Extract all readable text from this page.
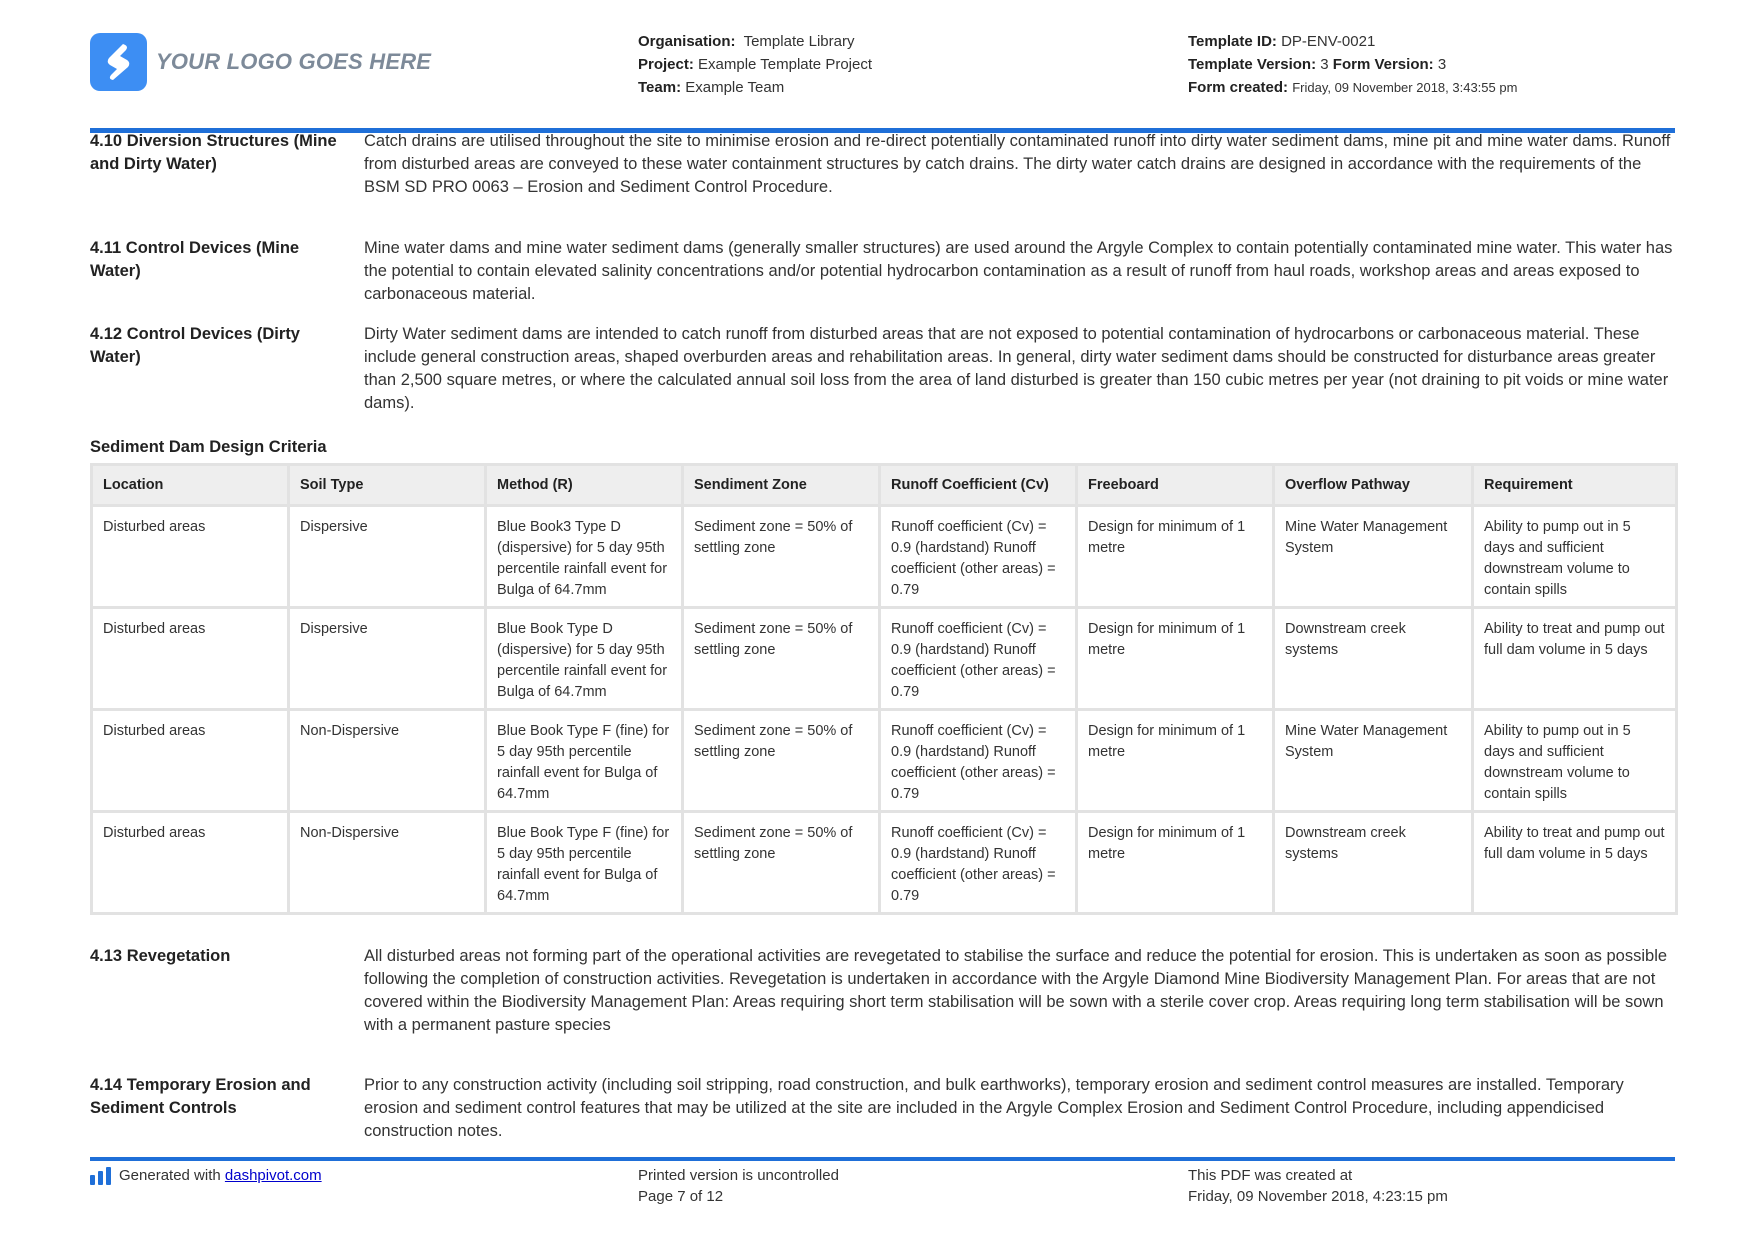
YOUR LOGO GOES HERE
Organisation: Template Library
Project: Example Template Project
Team: Example Team
Template ID: DP-ENV-0021
Template Version: 3 Form Version: 3
Form created: Friday, 09 November 2018, 3:43:55 pm
4.10 Diversion Structures (Mine and Dirty Water)
Catch drains are utilised throughout the site to minimise erosion and re-direct potentially contaminated runoff into dirty water sediment dams, mine pit and mine water dams. Runoff from disturbed areas are conveyed to these water containment structures by catch drains. The dirty water catch drains are designed in accordance with the requirements of the BSM SD PRO 0063 – Erosion and Sediment Control Procedure.
4.11 Control Devices (Mine Water)
Mine water dams and mine water sediment dams (generally smaller structures) are used around the Argyle Complex to contain potentially contaminated mine water. This water has the potential to contain elevated salinity concentrations and/or potential hydrocarbon contamination as a result of runoff from haul roads, workshop areas and areas exposed to carbonaceous material.
4.12 Control Devices (Dirty Water)
Dirty Water sediment dams are intended to catch runoff from disturbed areas that are not exposed to potential contamination of hydrocarbons or carbonaceous material. These include general construction areas, shaped overburden areas and rehabilitation areas. In general, dirty water sediment dams should be constructed for disturbance areas greater than 2,500 square metres, or where the calculated annual soil loss from the area of land disturbed is greater than 150 cubic metres per year (not draining to pit voids or mine water dams).
Sediment Dam Design Criteria
Location	Soil Type	Method (R)	Sendiment Zone	Runoff Coefficient (Cv)	Freeboard	Overflow Pathway	Requirement
Disturbed areas	Dispersive	Blue Book3 Type D (dispersive) for 5 day 95th percentile rainfall event for Bulga of 64.7mm	Sediment zone = 50% of settling zone	Runoff coefficient (Cv) = 0.9 (hardstand) Runoff coefficient (other areas) = 0.79	Design for minimum of 1 metre	Mine Water Management System	Ability to pump out in 5 days and sufficient downstream volume to contain spills
Disturbed areas	Dispersive	Blue Book Type D (dispersive) for 5 day 95th percentile rainfall event for Bulga of 64.7mm	Sediment zone = 50% of settling zone	Runoff coefficient (Cv) = 0.9 (hardstand) Runoff coefficient (other areas) = 0.79	Design for minimum of 1 metre	Downstream creek systems	Ability to treat and pump out full dam volume in 5 days
Disturbed areas	Non-Dispersive	Blue Book Type F (fine) for 5 day 95th percentile rainfall event for Bulga of 64.7mm	Sediment zone = 50% of settling zone	Runoff coefficient (Cv) = 0.9 (hardstand) Runoff coefficient (other areas) = 0.79	Design for minimum of 1 metre	Mine Water Management System	Ability to pump out in 5 days and sufficient downstream volume to contain spills
Disturbed areas	Non-Dispersive	Blue Book Type F (fine) for 5 day 95th percentile rainfall event for Bulga of 64.7mm	Sediment zone = 50% of settling zone	Runoff coefficient (Cv) = 0.9 (hardstand) Runoff coefficient (other areas) = 0.79	Design for minimum of 1 metre	Downstream creek systems	Ability to treat and pump out full dam volume in 5 days
4.13 Revegetation	All disturbed areas not forming part of the operational activities are revegetated to stabilise the surface and reduce the potential for erosion. This is undertaken as soon as possible following the completion of construction activities. Revegetation is undertaken in accordance with the Argyle Diamond Mine Biodiversity Management Plan. For areas that are not covered within the Biodiversity Management Plan: Areas requiring short term stabilisation will be sown with a sterile cover crop. Areas requiring long term stabilisation will be sown with a permanent pasture species
4.14 Temporary Erosion and Sediment Controls
Prior to any construction activity (including soil stripping, road construction, and bulk earthworks), temporary erosion and sediment control measures are installed. Temporary erosion and sediment control features that may be utilized at the site are included in the Argyle Complex Erosion and Sediment Control Procedure, including appendicised construction notes.
Generated with
dashpivot.com	Printed version is uncontrolled
Page 7 of 12
This PDF was created at
Friday, 09 November 2018, 4:23:15 pm
